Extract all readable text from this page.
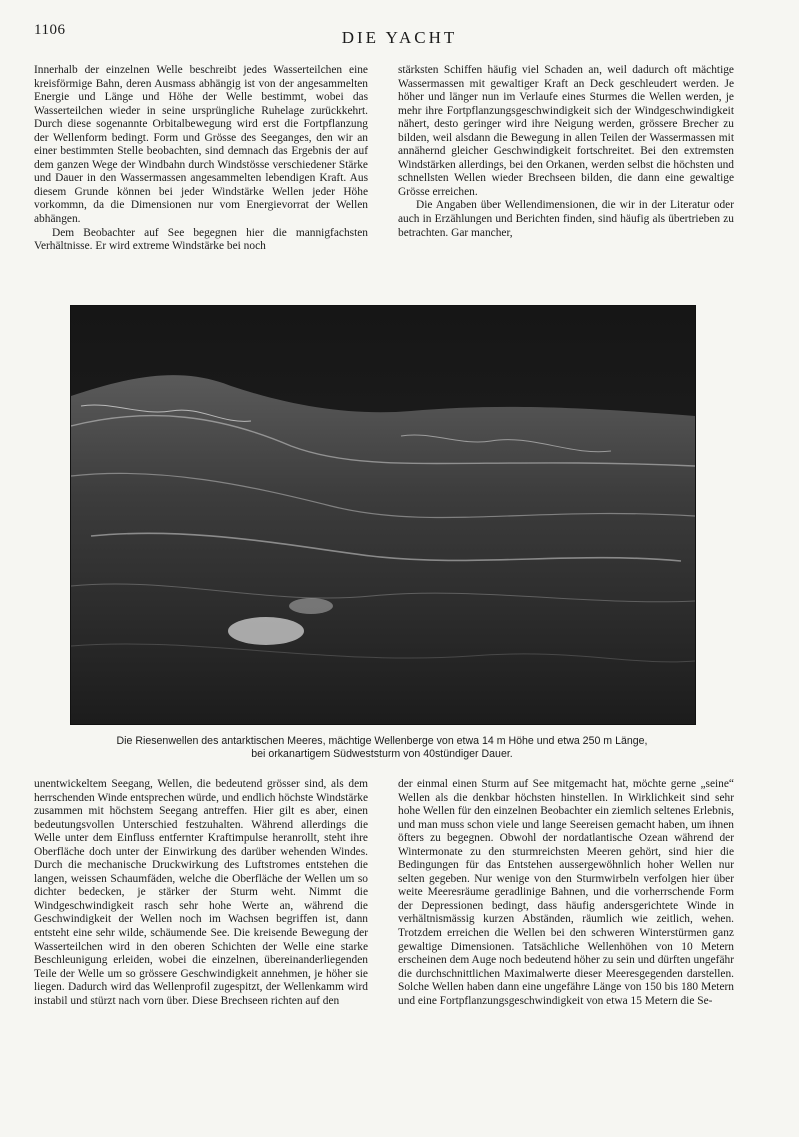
1106	DIE YACHT

Innerhalb der einzelnen Welle beschreibt jedes Wasserteilchen eine kreisförmige Bahn, deren Ausmass abhängig ist von der angesammelten Energie und Länge und Höhe der Welle bestimmt, wobei das Wasserteilchen wieder in seine ursprüngliche Ruhelage zurückkehrt. Durch diese sogenannte Orbitalbewegung wird erst die Fortpflanzung der Wellenform bedingt. Form und Grösse des Seeganges, den wir an einer bestimmten Stelle beobachten, sind demnach das Ergebnis der auf dem ganzen Wege der Windbahn durch Windstösse verschiedener Stärke und Dauer in den Wassermassen angesammelten lebendigen Kraft. Aus diesem Grunde können bei jeder Windstärke Wellen jeder Höhe vorkommn, da die Dimensionen nur vom Energievorrat der Wellen abhängen.

Dem Beobachter auf See begegnen hier die mannigfachsten Verhältnisse. Er wird extreme Windstärke bei noch

stärksten Schiffen häufig viel Schaden an, weil dadurch oft mächtige Wassermassen mit gewaltiger Kraft an Deck geschleudert werden. Je höher und länger nun im Verlaufe eines Sturmes die Wellen werden, je mehr ihre Fortpflanzungsgeschwindigkeit sich der Windgeschwindigkeit nähert, desto geringer wird ihre Neigung werden, grössere Brecher zu bilden, weil alsdann die Bewegung in allen Teilen der Wassermassen mit annähernd gleicher Geschwindigkeit fortschreitet. Bei den extremsten Windstärken allerdings, bei den Orkanen, werden selbst die höchsten und schnellsten Wellen wieder Brechseen bilden, die dann eine gewaltige Grösse erreichen.

Die Angaben über Wellendimensionen, die wir in der Literatur oder auch in Erzählungen und Berichten finden, sind häufig als übertrieben zu betrachten. Gar mancher,

Die Riesenwellen des antarktischen Meeres, mächtige Wellenberge von etwa 14 m Höhe und etwa 250 m Länge,
bei orkanartigem Südweststurm von 40stündiger Dauer.

unentwickeltem Seegang, Wellen, die bedeutend grösser sind, als dem herrschenden Winde entsprechen würde, und endlich höchste Windstärke zusammen mit höchstem Seegang antreffen. Hier gilt es aber, einen bedeutungsvollen Unterschied festzuhalten. Während allerdings die Welle unter dem Einfluss entfernter Kraftimpulse heranrollt, steht ihre Oberfläche doch unter der Einwirkung des darüber wehenden Windes. Durch die mechanische Druckwirkung des Luftstromes entstehen die langen, weissen Schaumfäden, welche die Oberfläche der Wellen um so dichter bedecken, je stärker der Sturm weht. Nimmt die Windgeschwindigkeit rasch sehr hohe Werte an, während die Geschwindigkeit der Wellen noch im Wachsen begriffen ist, dann entsteht eine sehr wilde, schäumende See. Die kreisende Bewegung der Wasserteilchen wird in den oberen Schichten der Welle eine starke Beschleunigung erleiden, wobei die einzelnen, übereinanderliegenden Teile der Welle um so grössere Geschwindigkeit annehmen, je höher sie liegen. Dadurch wird das Wellenprofil zugespitzt, der Wellenkamm wird instabil und stürzt nach vorn über. Diese Brechseen richten auf den

der einmal einen Sturm auf See mitgemacht hat, möchte gerne „seine“ Wellen als die denkbar höchsten hinstellen. In Wirklichkeit sind sehr hohe Wellen für den einzelnen Beobachter ein ziemlich seltenes Erlebnis, und man muss schon viele und lange Seereisen gemacht haben, um ihnen öfters zu begegnen. Obwohl der nordatlantische Ozean während der Wintermonate zu den sturmreichsten Meeren gehört, sind hier die Bedingungen für das Entstehen aussergewöhnlich hoher Wellen nur selten gegeben. Nur wenige von den Sturmwirbeln verfolgen hier über weite Meeresräume geradlinige Bahnen, und die vorherrschende Form der Depressionen bedingt, dass häufig andersgerichtete Winde in verhältnismässig kurzen Abständen, räumlich wie zeitlich, wehen. Trotzdem erreichen die Wellen bei den schweren Winterstürmen ganz gewaltige Dimensionen. Tatsächliche Wellenhöhen von 10 Metern erscheinen dem Auge noch bedeutend höher zu sein und dürften ungefähr die durchschnittlichen Maximalwerte dieser Meeresgegenden darstellen. Solche Wellen haben dann eine ungefähre Länge von 150 bis 180 Metern und eine Fortpflanzungsgeschwindigkeit von etwa 15 Metern die Se-
